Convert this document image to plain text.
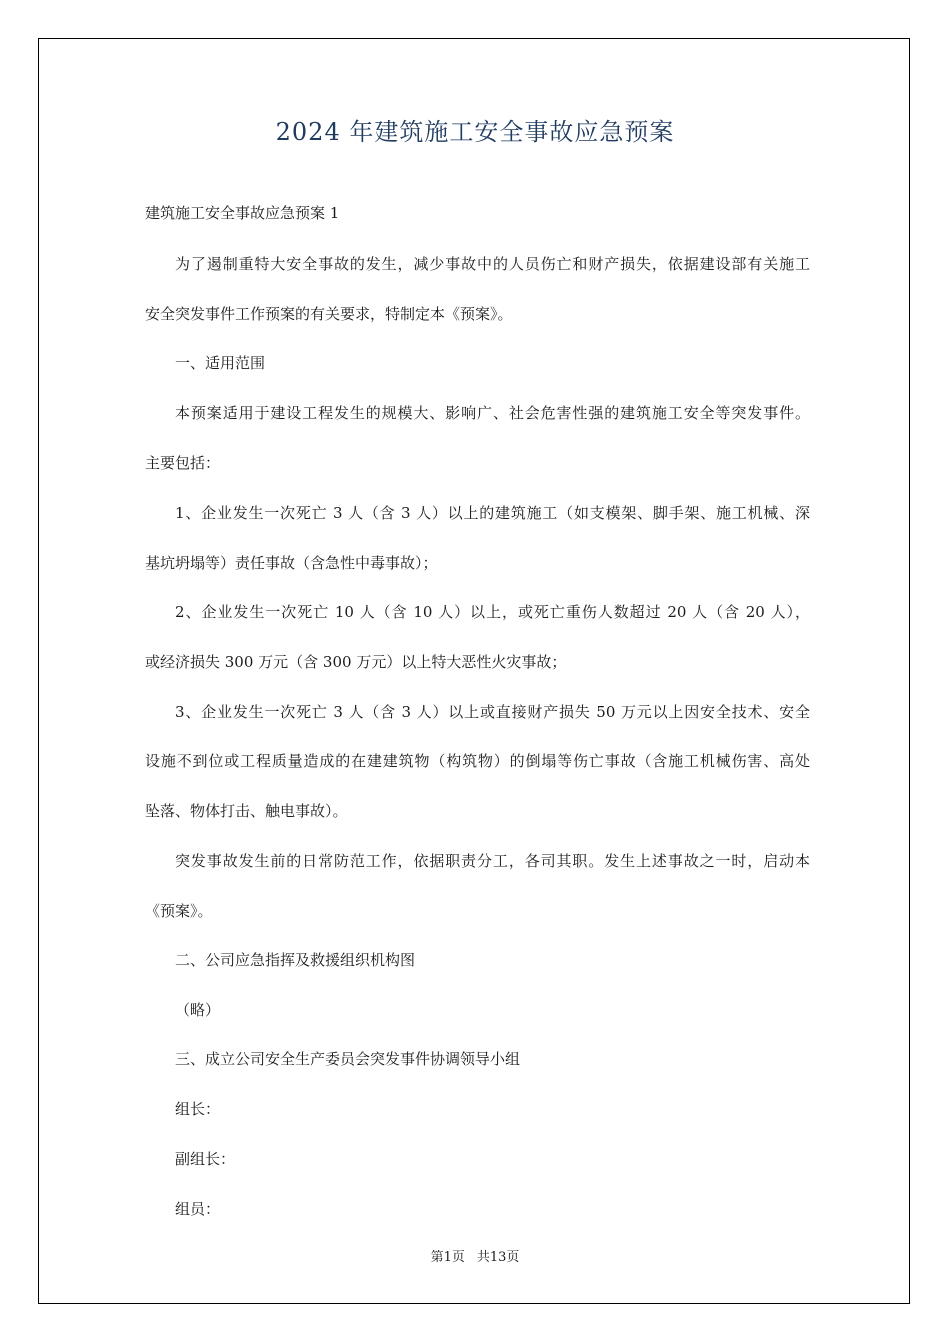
2024 年建筑施工安全事故应急预案

建筑施工安全事故应急预案 1

为了遏制重特大安全事故的发生，减少事故中的人员伤亡和财产损失，依据建设部有关施工

安全突发事件工作预案的有关要求，特制定本《预案》。

一、适用范围

本预案适用于建设工程发生的规模大、影响广、社会危害性强的建筑施工安全等突发事件。

主要包括：

1、企业发生一次死亡 3 人（含 3 人）以上的建筑施工（如支模架、脚手架、施工机械、深

基坑坍塌等）责任事故（含急性中毒事故）；

2、企业发生一次死亡 10 人（含 10 人）以上，或死亡重伤人数超过 20 人（含 20 人），

或经济损失 300 万元（含 300 万元）以上特大恶性火灾事故；

3、企业发生一次死亡 3 人（含 3 人）以上或直接财产损失 50 万元以上因安全技术、安全

设施不到位或工程质量造成的在建建筑物（构筑物）的倒塌等伤亡事故（含施工机械伤害、高处

坠落、物体打击、触电事故）。

突发事故发生前的日常防范工作，依据职责分工，各司其职。发生上述事故之一时，启动本

《预案》。

二、公司应急指挥及救援组织机构图

（略）

三、成立公司安全生产委员会突发事件协调领导小组

组长：

副组长：

组员：

第1页 共13页
